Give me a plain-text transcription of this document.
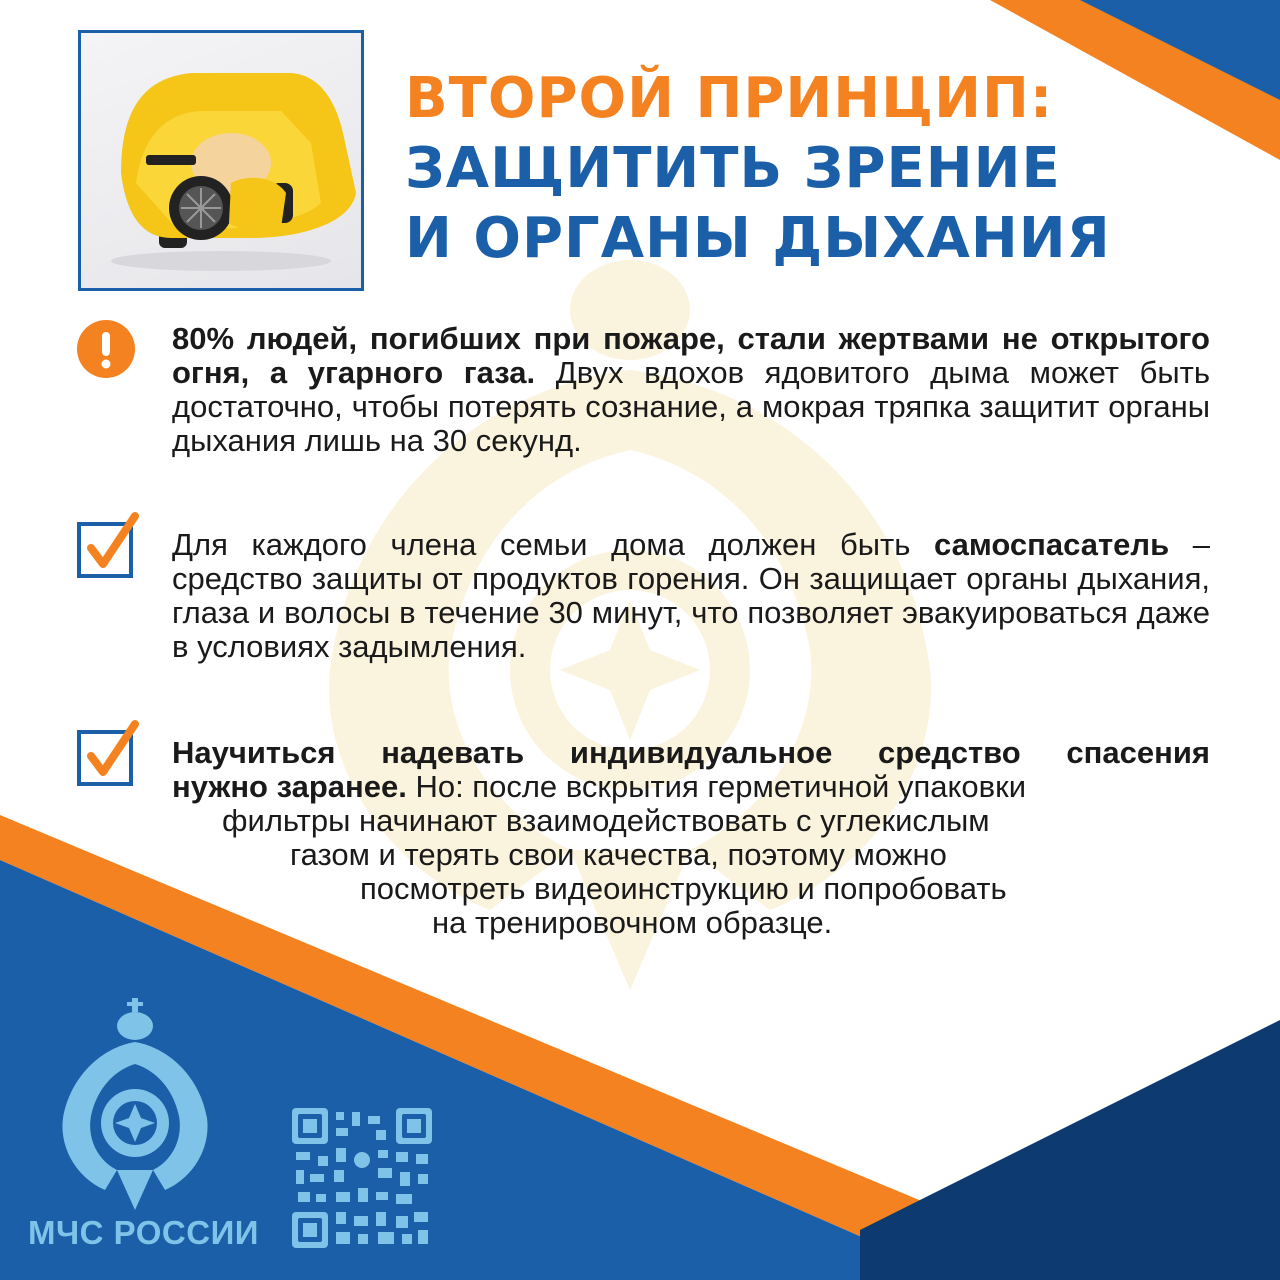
ВТОРОЙ ПРИНЦИП:
ЗАЩИТИТЬ ЗРЕНИЕ
И ОРГАНЫ ДЫХАНИЯ
80% людей, погибших при пожаре, стали жертвами не открытого огня, а угарного газа. Двух вдохов ядовитого дыма может быть достаточно, чтобы потерять сознание, а мокрая тряпка защитит органы дыхания лишь на 30 секунд.
Для каждого члена семьи дома должен быть самоспасатель – средство защиты от продуктов горения. Он защищает органы дыхания, глаза и волосы в течение 30 минут, что позволяет эвакуироваться даже в условиях задымления.
Научиться надевать индивидуальное средство спасения
нужно заранее. Но: после вскрытия герметичной упаковки
фильтры начинают взаимодействовать с углекислым
газом и терять свои качества, поэтому можно
посмотреть видеоинструкцию и попробовать
на тренировочном образце.
МЧС РОССИИ
